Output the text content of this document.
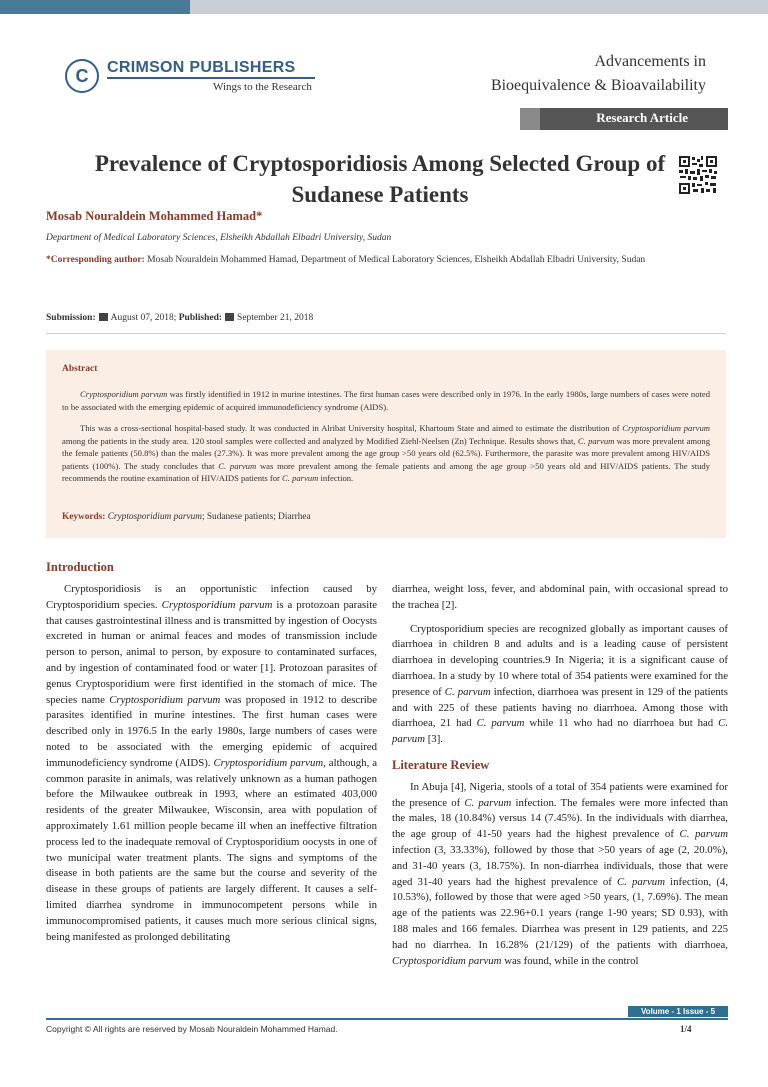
C	CRIMSON PUBLISHERS
Wings to the Research
Advancements in
Bioequivalence & Bioavailability
Research Article
Prevalence of Cryptosporidiosis Among Selected Group of Sudanese Patients
Mosab Nouraldein Mohammed Hamad*
Department of Medical Laboratory Sciences, Elsheikh Abdallah Elbadri University, Sudan
*Corresponding author: Mosab Nouraldein Mohammed Hamad, Department of Medical Laboratory Sciences, Elsheikh Abdallah Elbadri University, Sudan
Submission: August 07, 2018; Published: September 21, 2018
Abstract
Cryptosporidium parvum was firstly identified in 1912 in murine intestines. The first human cases were described only in 1976. In the early 1980s, large numbers of cases were noted to be associated with the emerging epidemic of acquired immunodeficiency syndrome (AIDS).
This was a cross-sectional hospital-based study. It was conducted in Alribat University hospital, Khartoum State and aimed to estimate the distribution of Cryptosporidium parvum among the patients in the study area. 120 stool samples were collected and analyzed by Modified Ziehl-Neelsen (Zn) Technique. Results shows that, C. parvum was more prevalent among the female patients (50.8%) than the males (27.3%). It was more prevalent among the age group >50 years old (62.5%). Furthermore, the parasite was more prevalent among HIV/AIDS patients (100%). The study concludes that C. parvum was more prevalent among the female patients and among the age group >50 years old and HIV/AIDS patients. The study recommends the routine examination of HIV/AIDS patients for C. parvum infection.
Keywords: Cryptosporidium parvum; Sudanese patients; Diarrhea
Introduction

Cryptosporidiosis is an opportunistic infection caused by Cryptosporidium species. Cryptosporidium parvum is a protozoan parasite that causes gastrointestinal illness and is transmitted by ingestion of Oocysts excreted in human or animal feaces and modes of transmission include person to person, animal to person, by exposure to contaminated surfaces, and by ingestion of contaminated food or water [1]. Protozoan parasites of genus Cryptosporidium were first identified in the stomach of mice. The species name Cryptosporidium parvum was proposed in 1912 to describe parasites identified in murine intestines. The first human cases were described only in 1976.5 In the early 1980s, large numbers of cases were noted to be associated with the emerging epidemic of acquired immunodeficiency syndrome (AIDS). Cryptosporidium parvum, although, a common parasite in animals, was relatively unknown as a human pathogen before the Milwaukee outbreak in 1993, where an estimated 403,000 residents of the greater Milwaukee, Wisconsin, area with population of approximately 1.61 million people became ill when an ineffective filtration process led to the inadequate removal of Cryptosporidium oocysts in one of two municipal water treatment plants. The signs and symptoms of the disease in both patients are the same but the course and severity of the disease in these groups of patients are largely different. It causes a self-limited diarrhea syndrome in immunocompetent persons while in immunocompromised patients, it causes much more serious clinical signs, being manifested as prolonged debilitating

diarrhea, weight loss, fever, and abdominal pain, with occasional spread to the trachea [2].

Cryptosporidium species are recognized globally as important causes of diarrhoea in children 8 and adults and is a leading cause of persistent diarrhoea in developing countries.9 In Nigeria; it is a significant cause of diarrhoea. In a study by 10 where total of 354 patients were examined for the presence of C. parvum infection, diarrhoea was present in 129 of the patients and with 225 of these patients having no diarrhoea. Among those with diarrhoea, 21 had C. parvum while 11 who had no diarrhoea but had C. parvum [3].

Literature Review

In Abuja [4], Nigeria, stools of a total of 354 patients were examined for the presence of C. parvum infection. The females were more infected than the males, 18 (10.84%) versus 14 (7.45%). In the individuals with diarrhea, the age group of 41-50 years had the highest prevalence of C. parvum infection (3, 33.33%), followed by those that >50 years of age (2, 20.0%), and 31-40 years (3, 18.75%). In non-diarrhea individuals, those that were aged 31-40 years had the highest prevalence of C. parvum infection, (4, 10.53%), followed by those that were aged >50 years, (1, 7.69%). The mean age of the patients was 22.96+0.1 years (range 1-90 years; SD 0.93), with 188 males and 166 females. Diarrhea was present in 129 patients, and 225 had no diarrhea. In 16.28% (21/129) of the patients with diarrhoea, Cryptosporidium parvum was found, while in the control

Volume - 1 Issue - 5
Copyright © All rights are reserved by Mosab Nouraldein Mohammed Hamad.	1/4
